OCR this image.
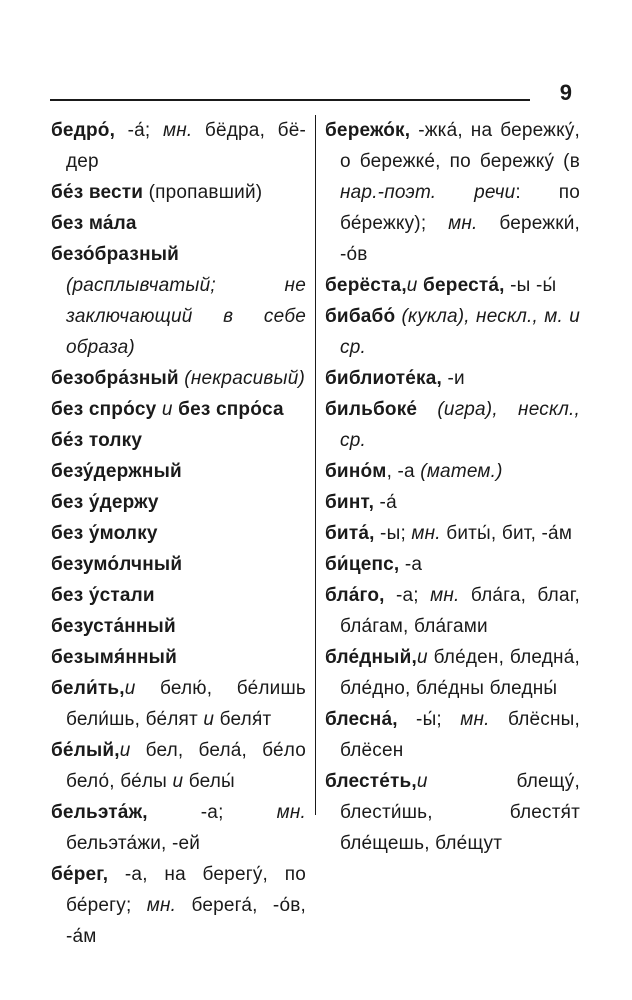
9

бедро́, -а́; мн. бёдра, бё-дер

бе́з вести (пропавший)

без ма́ла

безо́бразный (расплывчатый; не заключающий в себе образа)

безобра́зный (некрасивый)

без спро́су и без спро́са

бе́з толку

безу́держный

без у́держу

без у́молку

безумо́лчный

без у́стали

безуста́нный

безымя́нный

бели́ть,и белю́, бе́лишь бели́шь, бе́лят и беля́т

бе́лый,и бел, бела́, бе́ло бело́, бе́лы и белы́

бельэта́ж, -а; мн. бельэта́жи, -ей

бе́рег, -а, на берегу́, по бе́регу; мн. берега́, -о́в, -а́м

бережо́к, -жка́, на бережку́, о бережке́, по бережку́ (в нар.-поэт. речи: по бе́режку); мн. бережки́, -о́в

берёста,и береста́, -ы -ы́

бибабо́ (кукла), нескл., м. и ср.

библиоте́ка, -и

бильбоке́ (игра), нескл., ср.

бино́м, -а (матем.)

бинт, -а́

бита́, -ы; мн. биты́, бит, -а́м

би́цепс, -а

бла́го, -а; мн. бла́га, благ, бла́гам, бла́гами

бле́дный,и бле́ден, бледна́, бле́дно, бле́дны бледны́

блесна́, -ы́; мн. блёсны, блёсен

блесте́ть,и блещу́, блести́шь, блестя́т бле́щешь, бле́щут
